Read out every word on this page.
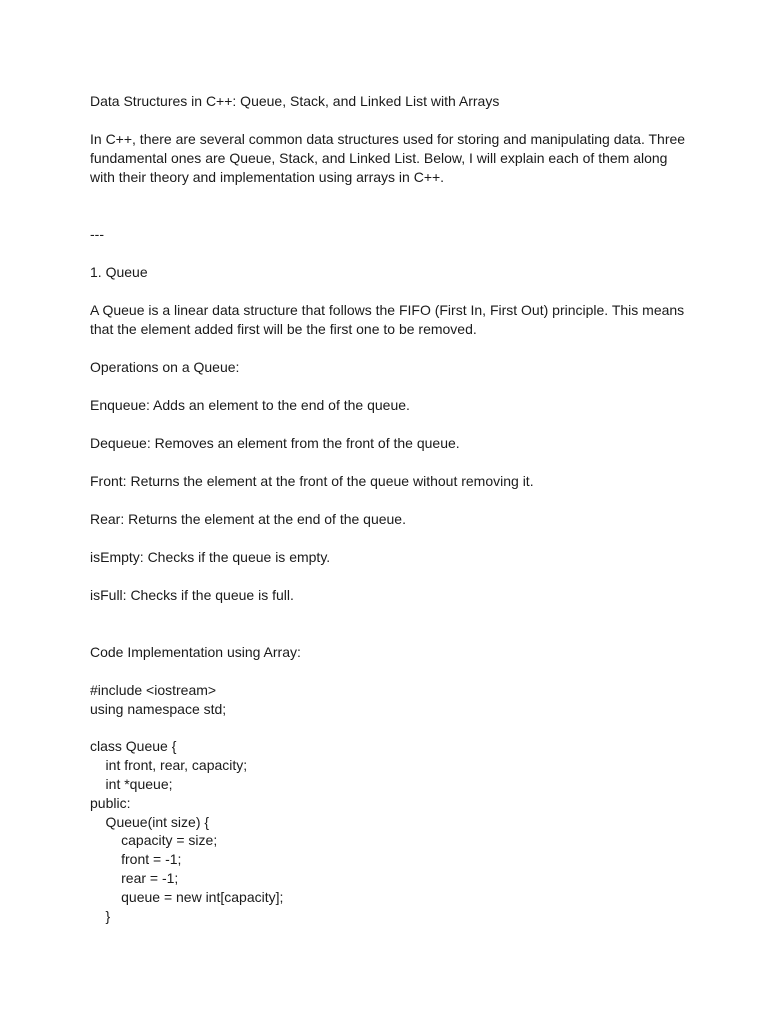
Data Structures in C++: Queue, Stack, and Linked List with Arrays
In C++, there are several common data structures used for storing and manipulating data. Three
fundamental ones are Queue, Stack, and Linked List. Below, I will explain each of them along
with their theory and implementation using arrays in C++.
---
1. Queue
A Queue is a linear data structure that follows the FIFO (First In, First Out) principle. This means
that the element added first will be the first one to be removed.
Operations on a Queue:
Enqueue: Adds an element to the end of the queue.
Dequeue: Removes an element from the front of the queue.
Front: Returns the element at the front of the queue without removing it.
Rear: Returns the element at the end of the queue.
isEmpty: Checks if the queue is empty.
isFull: Checks if the queue is full.
Code Implementation using Array:
#include <iostream>
using namespace std;
class Queue {
int front, rear, capacity;
int *queue;
public:
Queue(int size) {
capacity = size;
front = -1;
rear = -1;
queue = new int[capacity];
}
